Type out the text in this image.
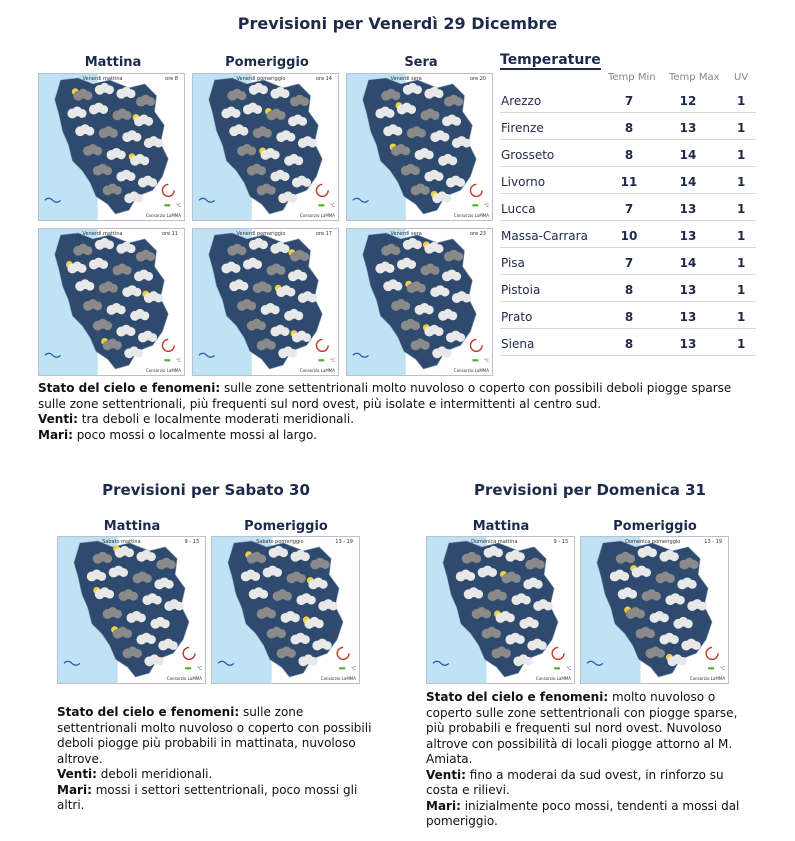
Previsioni per Venerdì 29 Dicembre
Mattina	Pomeriggio	Sera
°C
Venerdì mattina	ore 8
Consorzio LaMMA
°C
Venerdì pomeriggio	ore 14
Consorzio LaMMA
°C
Venerdì sera	ore 20
Consorzio LaMMA
°C
Venerdì mattina	ore 11
Consorzio LaMMA
°C
Venerdì pomeriggio	ore 17
Consorzio LaMMA
°C
Venerdì sera	ore 23
Consorzio LaMMA
°C
Sabato mattina	9 - 13
Consorzio LaMMA
°C
Sabato pomeriggio	13 - 19
Consorzio LaMMA
°C
Domenica mattina	9 - 13
Consorzio LaMMA
°C
Domenica pomeriggio	13 - 19
Consorzio LaMMA
Temperature
Temp Min Temp Max UV
Arezzo	7	12	1
Firenze	8	13	1
Grosseto	8	14	1
Livorno	11	14	1
Lucca	7	13	1
Massa-Carrara	10	13	1
Pisa	7	14	1
Pistoia	8	13	1
Prato	8	13	1
Siena	8	13	1
Stato del cielo e fenomeni: sulle zone settentrionali molto nuvoloso o coperto con possibili deboli piogge sparse sulle zone settentrionali, più frequenti sul nord ovest, più isolate e intermittenti al centro sud.
Venti: tra deboli e localmente moderati meridionali.
Mari: poco mossi o localmente mossi al largo.
Previsioni per Sabato 30
Mattina	Pomeriggio
Stato del cielo e fenomeni: sulle zone settentrionali molto nuvoloso o coperto con possibili deboli piogge più probabili in mattinata, nuvoloso altrove.
Venti: deboli meridionali.
Mari: mossi i settori settentrionali, poco mossi gli altri.
Previsioni per Domenica 31
Mattina	Pomeriggio
Stato del cielo e fenomeni: molto nuvoloso o coperto sulle zone settentrionali con piogge sparse, più probabili e frequenti sul nord ovest. Nuvoloso altrove con possibilità di locali piogge attorno al M. Amiata.
Venti: fino a moderai da sud ovest, in rinforzo su costa e rilievi.
Mari: inizialmente poco mossi, tendenti a mossi dal pomeriggio.
